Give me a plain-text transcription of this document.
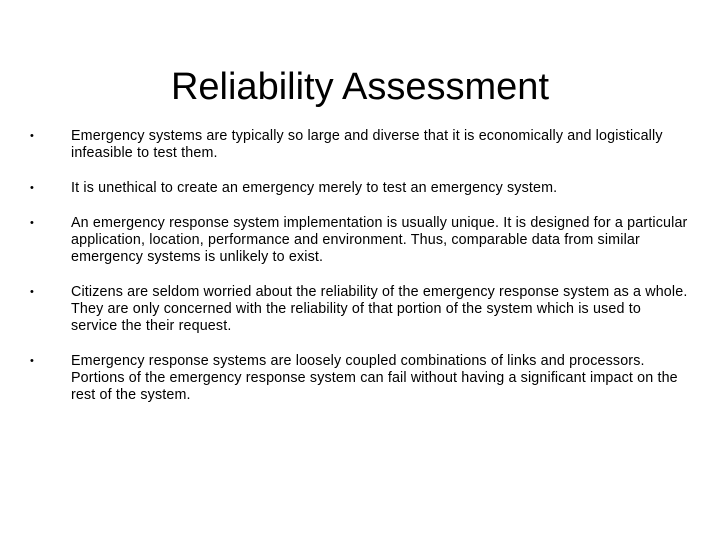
Reliability Assessment
•	Emergency systems are typically so large and diverse that it is economically and logistically infeasible to test them.
•	It is unethical to create an emergency merely to test an emergency system.
•	An emergency response system implementation is usually unique. It is designed for a particular application, location, performance and environment. Thus, comparable data from similar emergency systems is unlikely to exist.
•	Citizens are seldom worried about the reliability of the emergency response system as a whole. They are only concerned with the reliability of that portion of the system which is used to service the their request.
•	Emergency response systems are loosely coupled combinations of links and processors. Portions of the emergency response system can fail without having a significant impact on the rest of the system.
